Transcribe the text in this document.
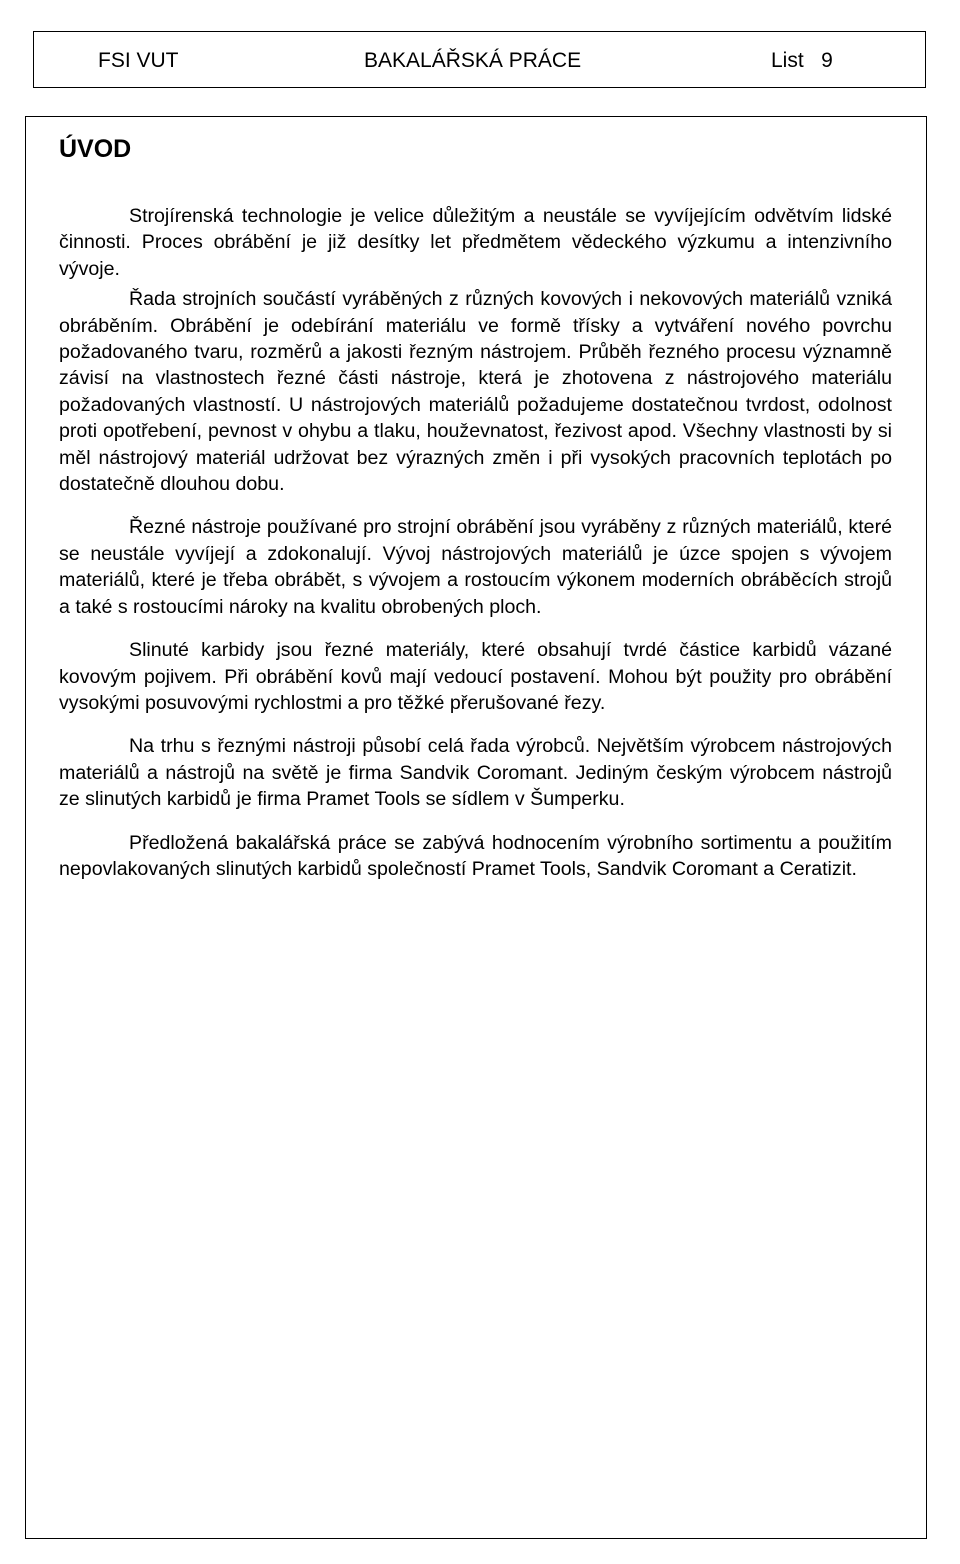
FSI VUT	BAKALÁŘSKÁ PRÁCE	List   9
ÚVOD

Strojírenská technologie je velice důležitým a neustále se vyvíjejícím odvětvím lidské činnosti. Proces obrábění je již desítky let předmětem vědeckého výzkumu a intenzivního vývoje.

Řada strojních součástí vyráběných z různých kovových i nekovových materiálů vzniká obráběním. Obrábění je odebírání materiálu ve formě třísky a vytváření nového povrchu požadovaného tvaru, rozměrů a jakosti řezným nástrojem. Průběh řezného procesu významně závisí na vlastnostech řezné části nástroje, která je zhotovena z nástrojového materiálu požadovaných vlastností. U nástrojových materiálů požadujeme dostatečnou tvrdost, odolnost proti opotřebení, pevnost v ohybu a tlaku, houževnatost, řezivost apod. Všechny vlastnosti by si měl nástrojový materiál udržovat bez výrazných změn i při vysokých pracovních teplotách po dostatečně dlouhou dobu.

Řezné nástroje používané pro strojní obrábění jsou vyráběny z různých materiálů, které se neustále vyvíjejí a zdokonalují. Vývoj nástrojových materiálů je úzce spojen s vývojem materiálů, které je třeba obrábět, s vývojem a rostoucím výkonem moderních obráběcích strojů a také s rostoucími nároky na kvalitu obrobených ploch.

Slinuté karbidy jsou řezné materiály, které obsahují tvrdé částice karbidů vázané kovovým pojivem. Při obrábění kovů mají vedoucí postavení. Mohou být použity pro obrábění vysokými posuvovými rychlostmi a pro těžké přerušované řezy.

Na trhu s řeznými nástroji působí celá řada výrobců. Největším výrobcem nástrojových materiálů a nástrojů na světě je firma Sandvik Coromant. Jediným českým výrobcem nástrojů ze slinutých karbidů je firma Pramet Tools se sídlem v Šumperku.

Předložená bakalářská práce se zabývá hodnocením výrobního sortimentu a použitím nepovlakovaných slinutých karbidů společností Pramet Tools, Sandvik Coromant a Ceratizit.
